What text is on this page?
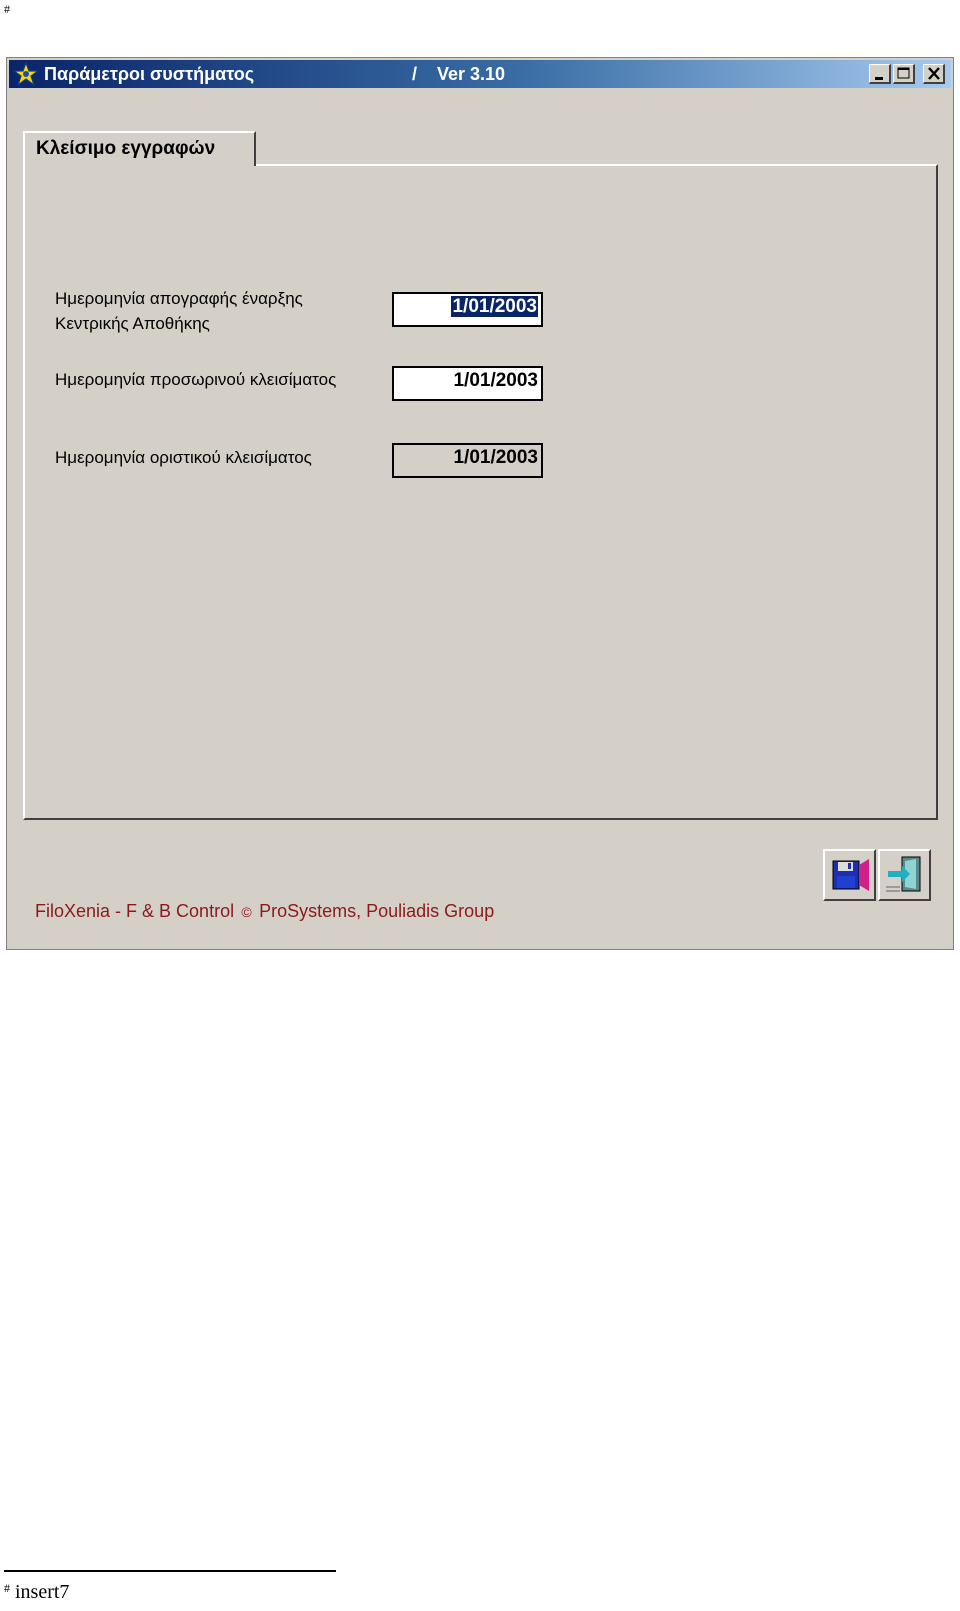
#
Παράμετροι συστήματος	/ Ver 3.10
Κλείσιμο εγγραφών
Ημερομηνία απογραφής έναρξης
Κεντρικής Αποθήκης
1/01/2003
Ημερομηνία προσωρινού κλεισίματος	1/01/2003
Ημερομηνία οριστικού κλεισίματος	1/01/2003
FiloXenia - F & B Control © ProSystems, Pouliadis Group
# insert7
